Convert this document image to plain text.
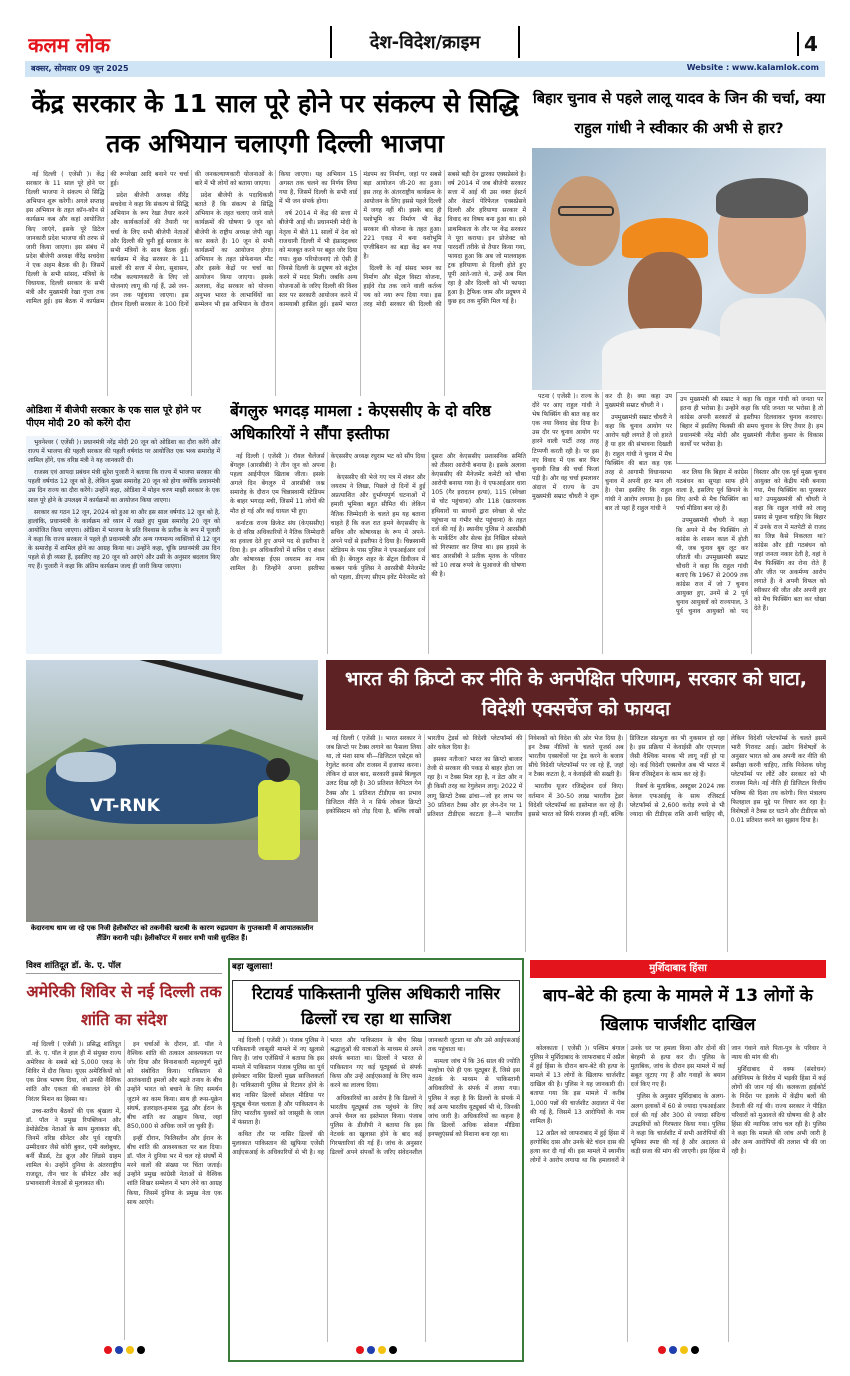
कलम लोक	देश-विदेश/क्राइम	4
बक्सर, सोमवार 09 जून 2025	Website : www.kalamlok.com
केंद्र सरकार के 11 साल पूरे होने पर संकल्प से सिद्धि तक अभियान चलाएगी दिल्ली भाजपा

नई दिल्ली ( एजेंसी )। केंद्र सरकार के 11 साल पूरे होने पर दिल्ली भाजपा ने संकल्प से सिद्धि अभियान शुरू करेगी। अगले सप्ताह इस अभियान के तहत कॉन-कौन से कार्यक्रम कब और कहां आयोजित किए जाएंगे, इसके पूरे डिटेल जानकारी प्रदेश भाजपा की तरफ से जारी किया जाएगा। इस संबंध में प्रदेश बीजेपी अध्यक्ष वीरेंद्र सचदेवा ने एक अहम बैठक की है। जिसमें दिल्ली के सभी सांसद, मंत्रियों के विधायक, दिल्ली सरकार के सभी मंत्री और मुख्यमंत्री रेखा गुप्ता तक शामिल हुई। इस बैठक में कार्यक्रम की रूपरेखा आदि बनाने पर चर्चा हुई।

प्रदेश बीजेपी अध्यक्ष वीरेंद्र सचदेवा ने कहा कि संकल्प से सिद्धि अभियान के रूप रेखा तैयार करने और कार्यकर्ताओं की तैयारी पर चर्चा के लिए सभी बीजेपी नेताओं और दिल्ली की चुनी हुई सरकार के सभी मंत्रियों के साथ बैठक हुई। कार्यक्रम में केंद्र सरकार के 11 सालों की सत्ता में सेवा, सुशासन, गरीब कल्याणकारी के लिए जो योजनाएं लागू की गई हैं, उसे जन-जन तक पहुंचाया जाएगा। इस दौरान दिल्ली सरकार के 100 दिनों की जनकल्याणकारी योजनाओं के बारे में भी लोगों को बताया जाएगा।

प्रदेश बीजेपी के पदाधिकारी बताते हैं कि संकल्प से सिद्धि अभियान के तहत चलाए जाने वाले कार्यक्रमों की घोषणा 9 जून को बीजेपी के राष्ट्रीय अध्यक्ष जेपी नड्डा कर सकते हैं। 10 जून से सभी कार्यक्रमों का आयोजन होगा। अभियान के तहत प्रोफेशनल मीट और इसके केंद्रों पर चर्चा का आयोजन किया जाएगा। इसके अलावा, केंद्र सरकार को योजना अनुभव भारत के लाभार्थियों का सम्मेलन भी इस अभियान के दौरान किया जाएगा। यह अभियान 15 अगस्त तक चलने का निर्णय लिया गया है, जिसमें दिल्ली के सभी वार्ड में भी जन संपर्क होगा।

वर्ष 2014 में केंद्र की सत्ता में बीजेपी आई थी। प्रधानमंत्री मोदी के नेतृत्व में बीते 11 सालों में देश को राजधानी दिल्ली में भी इंफ्रास्ट्रक्चर को मजबूत करने पर बहुत जोर दिया गया। कुछ परियोजनाएं तो ऐसी हैं जिनसे दिल्ली के प्रदूषण को कंट्रोल करने में मदद मिली। जबकि अन्य योजनाओं के जरिए दिल्ली की विश्व स्तर पर सरकारी आयोजन करने में कामयाबी हासिल हुई। इसमें भारत मंडपम का निर्माण, जहां पर सबसे बड़ा आयोजन जी-20 का हुआ। इस तरह के अंतरराष्ट्रीय कार्यक्रम के आयोजन के लिए इससे पहले दिल्ली में जगह नहीं थी। इसके बाद ही यशोभूमि का निर्माण भी केंद्र सरकार की योजना के तहत हुआ। 221 एकड़ में बना यशोभूमि एग्जीबिशन का बड़ा केंद्र बन गया है।

दिल्ली के नई संसद भवन का निर्माण और सेंट्रल विस्टा योजना, हाईवे रोड तक जाने वाली कर्तव्य पथ को नया रूप दिया गया। इस तरह मोदी सरकार की दिल्ली की सबसे बड़ी देन द्वारका एक्सप्रेसवे है। वर्ष 2014 में जब बीजेपी सरकार सत्ता में आई थी उस वक्त ईस्टर्न और वेस्टर्न पेरिफेरल एक्सप्रेसवे दिल्ली और हरियाणा सरकार में विवाद का विषय बना हुआ था। इसे प्राथमिकता के तौर पर केंद्र सरकार ने पूरा कराया। इन प्रोजेक्ट को पारदर्शी तरीके से तैयार किया गया, फायदा हुआ कि अब जो मालवाहक ट्रक हरियाणा से दिल्ली होते हुए यूपी आते-जाते थे, उन्हें अब मिल रहा है और दिल्ली को भी फायदा हुआ है। ट्रैफिक जाम और प्रदूषण में कुछ हद तक मुक्ति मिल गई है।

ओडिशा में बीजेपी सरकार के एक साल पूरे होने पर पीएम मोदी 20 को करेंगे दौरा

भुवनेश्वर ( एजेंसी )। प्रधानमंत्री नरेंद्र मोदी 20 जून को ओडिशा का दौरा करेंगे और राज्य में भाजपा की पहली सरकार की पहली वर्षगांठ पर आयोजित एक भव्य समारोह में शामिल होंगे, एक वरिष्ठ मंत्री ने यह जानकारी दी।

राजस्व एवं आपदा प्रबंधन मंत्री सुरेश पुजारी ने बताया कि राज्य में भाजपा सरकार की पहली वर्षगांठ 12 जून को है, लेकिन मुख्य समारोह 20 जून को होगा क्योंकि प्रधानमंत्री उस दिन राज्य का दौरा करेंगे। उन्होंने कहा, ओडिशा में मोहन चरण माझी सरकार के एक साल पूरे होने के उपलक्ष्य में कार्यक्रमों का आयोजन किया जाएगा।

सरकार का गठन 12 जून, 2024 को हुआ था और इस साल वर्षगांठ 12 जून को है, हालांकि, प्रधानमंत्री के कार्यक्रम को ध्यान में रखते हुए मुख्य समारोह 20 जून को आयोजित किया जाएगा। ओडिशा में भाजपा के प्रति विश्वास के प्रतीक के रूप में पूजारी ने कहा कि राज्य सरकार ने पहले ही प्रधानमंत्री और अन्य गणमान्य व्यक्तियों से 12 जून के समारोह में शामिल होने का आग्रह किया था। उन्होंने कहा, चूंकि प्रधानमंत्री उस दिन पहले से ही व्यस्त हैं, इसलिए वह 20 जून को आएंगे और उसी के अनुसार बदलाव किए गए हैं। पुजारी ने कहा कि अंतिम कार्यक्रम जल्द ही जारी किया जाएगा।

बेंगलुरु भगदड़ मामला : केएससीए के दो वरिष्ठ अधिकारियों ने सौंपा इस्तीफा

नई दिल्ली ( एजेंसी )। रॉयल चैलेंजर्स बेंगलुरु (आरसीबी) ने तीन जून को अपना पहला आईपीएल खिताब जीता। इसके अगले दिन बेंगलुरु में आरसीबी जश्न समारोह के दौरान एम चिन्नास्वामी स्टेडियम के बाहर भगदड़ मची, जिसमें 11 लोगों की मौत हो गई और कई घायल भी हुए।

कर्नाटक राज्य क्रिकेट संघ (केएससीए) के दो वरिष्ठ अधिकारियों ने नैतिक जिम्मेदारी का हवाला देते हुए अपने पद से इस्तीफा दे दिया है। इन अधिकारियों में सचिव ए शंकर और कोषाध्यक्ष ईएस जयराम का नाम शामिल है। जिन्होंने अपना इस्तीफा केएससीए अध्यक्ष रघुराम भट को सौंप दिया है।

केएससीए की भेजे गए पत्र में शंकर और जयराम ने लिखा, पिछले दो दिनों में हुई अप्रत्याशित और दुर्भाग्यपूर्ण घटनाओं में हमारी भूमिका बहुत सीमित थी। लेकिन नैतिक जिम्मेदारी के चलते हम यह बताना चाहते हैं कि कल रात हमने केएससीए के सचिव और कोषाध्यक्ष के रूप में अपने-अपने पदों से इस्तीफा दे दिया है। चिन्नस्वामी स्टेडियम के पास पुलिस ने एफआईआर दर्ज की है। बेंगलुरु शहर के सेंट्रल डिवीजन में कब्बन पार्क पुलिस ने आरसीबी मैनेजमेंट को पहला, डीएनए सीएम इवेंट मैनेजमेंट को दूसरा और केएससीए प्रशासनिक समिति को तीसरा आरोपी बनाया है। इसके अलावा केएससीए की मैनेजमेंट कमेटी को चौथा आरोपी बनाया गया है। ये एफआईआर धारा 105 (गैर इरादतन हत्या), 115 (स्वेच्छा से चोट पहुंचाना) और 118 (खतरनाक हथियारों या साधनों द्वारा स्वेच्छा से चोट पहुंचाना या गंभीर चोट पहुंचाना) के तहत दर्ज की गई है। स्थानीय पुलिस ने आरसीबी के मार्केटिंग और सेल्स हेड निखिल सोसले को गिरफ्तार कर लिया था। इस हादसे के बाद आरसीबी ने प्रतीक मृतक के परिवार को 10 लाख रुपये के मुआवजे की घोषणा की है।

बिहार चुनाव से पहले लालू यादव के जिन की चर्चा, क्या राहुल गांधी ने स्वीकार की अभी से हार?

पटना ( एजेंसी )। राज्य के दौरे पर आए राहुल गांधी ने भेष फिक्सिंग की बात कह कर एक नया विवाद छेड़ दिया है। उस दौर पर चुनाव आयोग पर हारने वाली पार्टी तरह तरह टिप्पणी करती रही है। पर इस नए विवाद में एक बार फिर चुनावी जिन्न की चर्चा फिजां पड़ी है। और वह चर्चा हमलावर अंदाज में राज्य के उप मुख्यमंत्री सम्राट चौधरी ने शुरू कर दी है। क्या कहा उप मुख्यमंत्री सम्राट चौधरी ने ।

उपमुख्यमंत्री सम्राट चौधरी ने कहा कि चुनाव आयोग पर आरोप यही लगाते हैं जो हारते हैं या हार की संभावना दिखती है। राहुल गांधी ने चुनाव में मैच फिक्सिंग की बात कह एक तरह से आगामी विधानसभा चुनाव में अपनी हार मान ली है। ऐसा इसलिए कि राहुल गांधी ने आरोप लगाया है। इस बार तो यहां हैं राहुल गांधी ने

उप मुख्यमंत्री श्री सम्राट ने कहा कि राहुल गांधी को जनता पर इतना ही भरोसा है। उन्होंने कहा कि यदि जनता पर भरोसा है तो कांग्रेस अपनी सरकारों से इस्तीफा दिलवाकर चुनाव करवाए। बिहार में इसलिए फिक्सी की समय चुनाव के लिए तैयार है। हम प्रधानमंत्री नरेंद्र मोदी और मुख्यमंत्री नीतीश कुमार के विकास कार्यों पर भरोसा है।

कर लिया कि बिहार में कांग्रेस गठबंधन का सूपड़ा साफ होने वाला है, इसलिए पूर्व छिपाने के लिए अभी से मैच फिक्सिंग का पर्चा मीडिया बना रहे हैं।

उपमुख्यमंत्री चौधरी ने कहा कि अपने में मैच फिक्सिंग तो कांग्रेस के शासन काल में होती थी, जब चुनाव बूथ लूट कर जीतती थी। उपमुख्यमंत्री सम्राट चौधरी ने कहा कि राहुल गांधी बताएं कि 1967 से 2009 तक कांग्रेस राज में जो 7 चुनाव आयुक्त हुए, उनमें से 2 पूर्व चुनाव आयुक्तों को राज्यपाल, 3 पूर्व चुनाव आयुक्तों को पद विस्तार और एक पूर्व मुख्य चुनाव आयुक्त को केंद्रीय मंत्री बनाया गया, मैच फिक्सिंग का पुरस्कार था? उपमुख्यमंत्री श्री चौधरी ने कहा कि राहुल गांधी को लालू प्रसाद से पूछना चाहिए कि बिहार में उनके राज में मतपेटी से राजद का जिन्न कैसे निकलता था? कांग्रेस और इंडी गठबंधन को जहां जनता नकार देती है, वहां वे मैच फिक्सिंग का रोना रोते हैं और जीत पर अकर्मण्य आरोप लगाते हैं। वे अपनी विफल को स्वीकार की जीत और अपनी हार को मैच फिक्सिंग बता कर धोखा देते हैं।

VT-RNK
केदारनाथ धाम जा रहे एक निजी हेलीकॉप्टर को तकनीकी खराबी के कारण रुद्रप्रयाग के गुप्तकाशी में आपातकालीन लैंडिंग करानी पड़ी। हेलीकॉप्टर में सवार सभी यात्री सुरक्षित हैं।
भारत की क्रिप्टो कर नीति के अनपेक्षित परिणाम, सरकार को घाटा, विदेशी एक्सचेंज को फायदा

नई दिल्ली ( एजेंसी )। भारत सरकार ने जब क्रिप्टो पर टैक्स लगाने का फैसला लिया था, तो मंशा साफ थी—डिजिटल एसेट्स को रेगुलेट करना और राजस्व में इजाफा करना। लेकिन दो साल बाद, सरकारी इससे बिल्कुल उलट दिख रही है। 30 प्रतिशत कैपिटल गेन टैक्स और 1 प्रतिशत टीडीएस का प्रभाव डिजिटल नीति ने न सिर्फ लोकल क्रिप्टो इकोसिस्टम को तोड़ दिया है, बल्कि लाखों भारतीय ट्रेडर्स को विदेशी प्लेटफॉर्म्स की ओर धकेल दिया है।

इसका नतीजा? भारत का क्रिप्टो बाजार तेजी से सरकार की पकड़ से बाहर होता जा रहा है। न टैक्स मिल रहा है, न डेटा और न ही किसी तरह का रेगुलेशन लागू। 2022 में लागू क्रिप्टो टैक्स ढांचा—जो हर लाभ पर 30 प्रतिशत टैक्स और हर लेन-देन पर 1 प्रतिशत टीडीएस काटता है—ने भारतीय निवेशकों को विदेश की ओर भेज दिया है। इन टैक्स नीतियों के चलते यूजर्स अब भारतीय एक्सचेंजों पर ट्रेड करने के बजाय सीधे विदेशी प्लेटफॉर्म्स पर जा रहे हैं, जहां न टैक्स कटता है, न केवाईसी की सख्ती है।

भारतीय यूजर रजिस्ट्रेशन दर्ज किए। वर्तमान में 30-50 लाख भारतीय ट्रेडर विदेशी प्लेटफॉर्म्स का इस्तेमाल कर रहे हैं। इससे भारत को सिर्फ राजस्व ही नहीं, बल्कि डिजिटल संप्रभुता का भी नुकसान हो रहा है। इस प्रक्रिया में केवाईसी और एएमएल जैसी वैश्विक मानक भी लागू नहीं हो पा रहे। कई विदेशी एक्सचेंज अब भी भारत में बिना रजिस्ट्रेशन के काम कर रहे हैं।

रिसर्च के मुताबिक, अक्टूबर 2024 तक केवल एफआईयू के साथ रजिस्टर्ड प्लेटफॉर्म्स से 2,600 करोड़ रुपये से भी ज्यादा की टीडीएस राशि आनी चाहिए थी, लेकिन विदेशी प्लेटफॉर्म्स के चलते इसमें भारी गिरावट आई। उद्योग विशेषज्ञों के अनुसार भारत को अब अपनी कर नीति की समीक्षा करनी चाहिए, ताकि निवेशक घरेलू प्लेटफॉर्म्स पर लौटें और सरकार को भी राजस्व मिले। नई नीति ही डिजिटल वित्तीय भविष्य की दिशा तय करेगी। वित्त मंत्रालय फिलहाल इस मुद्दे पर विचार कर रहा है। विशेषज्ञों ने टैक्स दर घटाने और टीडीएस को 0.01 प्रतिशत करने का सुझाव दिया है।

विश्व शांतिदूत डॉ. के. ए. पॉल
अमेरिकी शिविर से नई दिल्ली तक शांति का संदेश

नई दिल्ली ( एजेंसी )। प्रसिद्ध शांतिदूत डॉ. के. ए. पॉल ने हाल ही में संयुक्त राज्य अमेरिका के सबसे बड़े 5,000 एकड़ के शिविर में दौरा किया। यूएस अमेरिकियों को एक प्रेरक भाषण दिया, जो उनकी वैश्विक शांति और एकता की वकालत देने की निरंतर मिशन का हिस्सा था।

उच्च-स्तरीय बैठकों की एक श्रृंखला में, डॉ. पॉल ने प्रमुख रिपब्लिकन और डेमोक्रेटिक नेताओं के साथ मुलाकात की, जिनमें वरिष्ठ सीनेटर और पूर्व राष्ट्रपति उम्मीदवार जैसे कोरी बुकर, एमी क्लोबुचर, बर्नी सैंडर्स, टेड क्रूज़ और लिंडसे ग्राहम शामिल थे। उन्होंने दुनिया के अंतरराष्ट्रीय राजदूत, तीन चार के सीनेटर और कई प्रभावशाली नेताओं से मुलाकात की।

इन चर्चाओं के दौरान, डॉ. पॉल ने वैश्विक शांति की तत्काल आवश्यकता पर जोर दिया और विनाशकारी महत्वपूर्ण मुद्दों को संबोधित किया। पाकिस्तान से आतंकवादी हमलों और बढ़ते तनाव के बीच उन्होंने भारत को बचाने के लिए समर्थन जुटाने का काम किया। साथ ही रूस-यूक्रेन संघर्ष, इजराइल-हमास युद्ध और ईरान के बीच शांति का आह्वान किया, जहां 850,000 से अधिक जानें जा चुकी हैं।

इन्हीं दौरान, फिलिस्तीन और ईरान के बीच शांति की आवश्यकता पर बल दिया। डॉ. पॉल ने दुनिया भर में चल रहे संघर्षों में मरने वालों की संख्या पर चिंता जताई। उन्होंने प्रमुख कांग्रेसी नेताओं से वैश्विक शांति शिखर सम्मेलन में भाग लेने का आग्रह किया, जिसमें दुनिया के प्रमुख नेता एक साथ आएंगे।

बड़ा खुलासा!
रिटायर्ड पाकिस्तानी पुलिस अधिकारी नासिर ढिल्लों रच रहा था साजिश

नई दिल्ली ( एजेंसी )। पंजाब पुलिस ने पाकिस्तानी जासूसी मामले में नए खुलासे किए हैं। जांच एजेंसियों ने बताया कि इस मामले में पाकिस्तान पंजाब पुलिस का पूर्व इंस्पेक्टर नासिर ढिल्लों मुख्य साजिशकर्ता है। पाकिस्तानी पुलिस से रिटायर होने के बाद नासिर ढिल्लों सोशल मीडिया पर यूट्यूब चैनल चलाता है और पाकिस्तान के लिए भारतीय युवकों को जासूसी के जाल में फंसाता है।

कथित तौर पर नासिर ढिल्लों की मुलाकात पाकिस्तान की खुफिया एजेंसी आईएसआई के अधिकारियों से भी है। वह भारत और पाकिस्तान के बीच सिख श्रद्धालुओं की यात्राओं के माध्यम से अपने संपर्क बनाता था। ढिल्लों ने भारत से पाकिस्तान गए कई यूट्यूबर्स से संपर्क किया और उन्हें आईएसआई के लिए काम करने का लालच दिया।

अधिकारियों का आरोप है कि ढिल्लों ने भारतीय यूट्यूबर्स तक पहुंचने के लिए अपने चैनल का इस्तेमाल किया। पंजाब पुलिस के डीजीपी ने बताया कि इस नेटवर्क का खुलासा होने के बाद कई गिरफ्तारियां की गई हैं। जांच के अनुसार ढिल्लों अपने संपर्कों के जरिए संवेदनशील जानकारी जुटाता था और उसे आईएसआई तक पहुंचाता था।

मामला जांच में कि 36 साल की ज्योति मल्होत्रा ऐसे ही एक यूट्यूबर हैं, जिसे इस नेटवर्क के माध्यम से पाकिस्तानी अधिकारियों के संपर्क में लाया गया। पुलिस ने कहा है कि ढिल्लों के संपर्क में कई अन्य भारतीय यूट्यूबर्स भी थे, जिनकी जांच जारी है। अधिकारियों का कहना है कि ढिल्लों अधिक सोशल मीडिया इनफ्लुएंसर्स को निशाना बना रहा था।

मुर्शिदाबाद हिंसा
बाप–बेटे की हत्या के मामले में 13 लोगों के खिलाफ चार्जशीट दाखिल

कोलकाता ( एजेंसी )। पश्चिम बंगाल पुलिस ने मुर्शिदाबाद के जाफराबाद में अप्रैल में हुई हिंसा के दौरान बाप-बेटे की हत्या के मामले में 13 लोगों के खिलाफ चार्जशीट दाखिल की है। पुलिस ने यह जानकारी दी। बताया गया कि इस मामले में करीब 1,000 पन्नों की चार्जशीट अदालत में पेश की गई है, जिसमें 13 आरोपियों के नाम शामिल हैं।

12 अप्रैल को जाफराबाद में हुई हिंसा में हरगोबिंद दास और उनके बेटे चंदन दास की हत्या कर दी गई थी। इस मामले में स्थानीय लोगों ने आरोप लगाया था कि हमलावरों ने उनके घर पर हमला किया और दोनों की बेरहमी से हत्या कर दी। पुलिस के मुताबिक, जांच के दौरान इस मामले में कई सबूत जुटाए गए हैं और गवाहों के बयान दर्ज किए गए हैं।

पुलिस के अनुसार मुर्शिदाबाद के अलग-अलग इलाकों में 60 से ज्यादा एफआईआर दर्ज की गई और 300 से ज्यादा संदिग्ध उपद्रवियों को गिरफ्तार किया गया। पुलिस ने कहा कि चार्जशीट में सभी आरोपियों की भूमिका स्पष्ट की गई है और अदालत से कड़ी सजा की मांग की जाएगी। इस हिंसा में जान गंवाने वाले पिता-पुत्र के परिवार ने न्याय की मांग की थी।

मुर्शिदाबाद में वक्फ (संशोधन) अधिनियम के विरोध में भड़की हिंसा में कई लोगों की जान गई थी। कलकत्ता हाईकोर्ट के निर्देश पर इलाके में केंद्रीय बलों की तैनाती की गई थी। राज्य सरकार ने पीड़ित परिवारों को मुआवजे की घोषणा की है और हिंसा की न्यायिक जांच चल रही है। पुलिस ने कहा कि मामले की जांच अभी जारी है और अन्य आरोपियों की तलाश भी की जा रही है।
